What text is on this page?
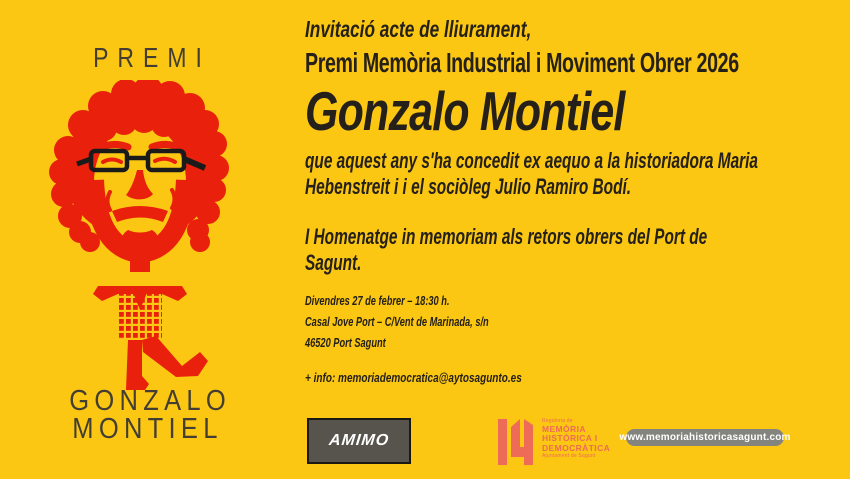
PREMI
GONZALO
MONTIEL
Invitació acte de lliurament,
Premi Memòria Industrial i Moviment Obrer 2026
Gonzalo Montiel
que aquest any s'ha concedit ex aequo a la historiadora Maria
Hebenstreit i i el sociòleg Julio Ramiro Bodí.
I Homenatge in memoriam als retors obrers del Port de
Sagunt.
Divendres 27 de febrer – 18:30 h.
Casal Jove Port – C/Vent de Marinada, s/n
46520 Port Sagunt
+ info: memoriademocratica@aytosagunto.es
AMIMO
Regidoria de
MEMÒRIA
HISTÒRICA I
DEMOCRÀTICA
Ajuntament de Sagunt
www.memoriahistoricasagunt.com
